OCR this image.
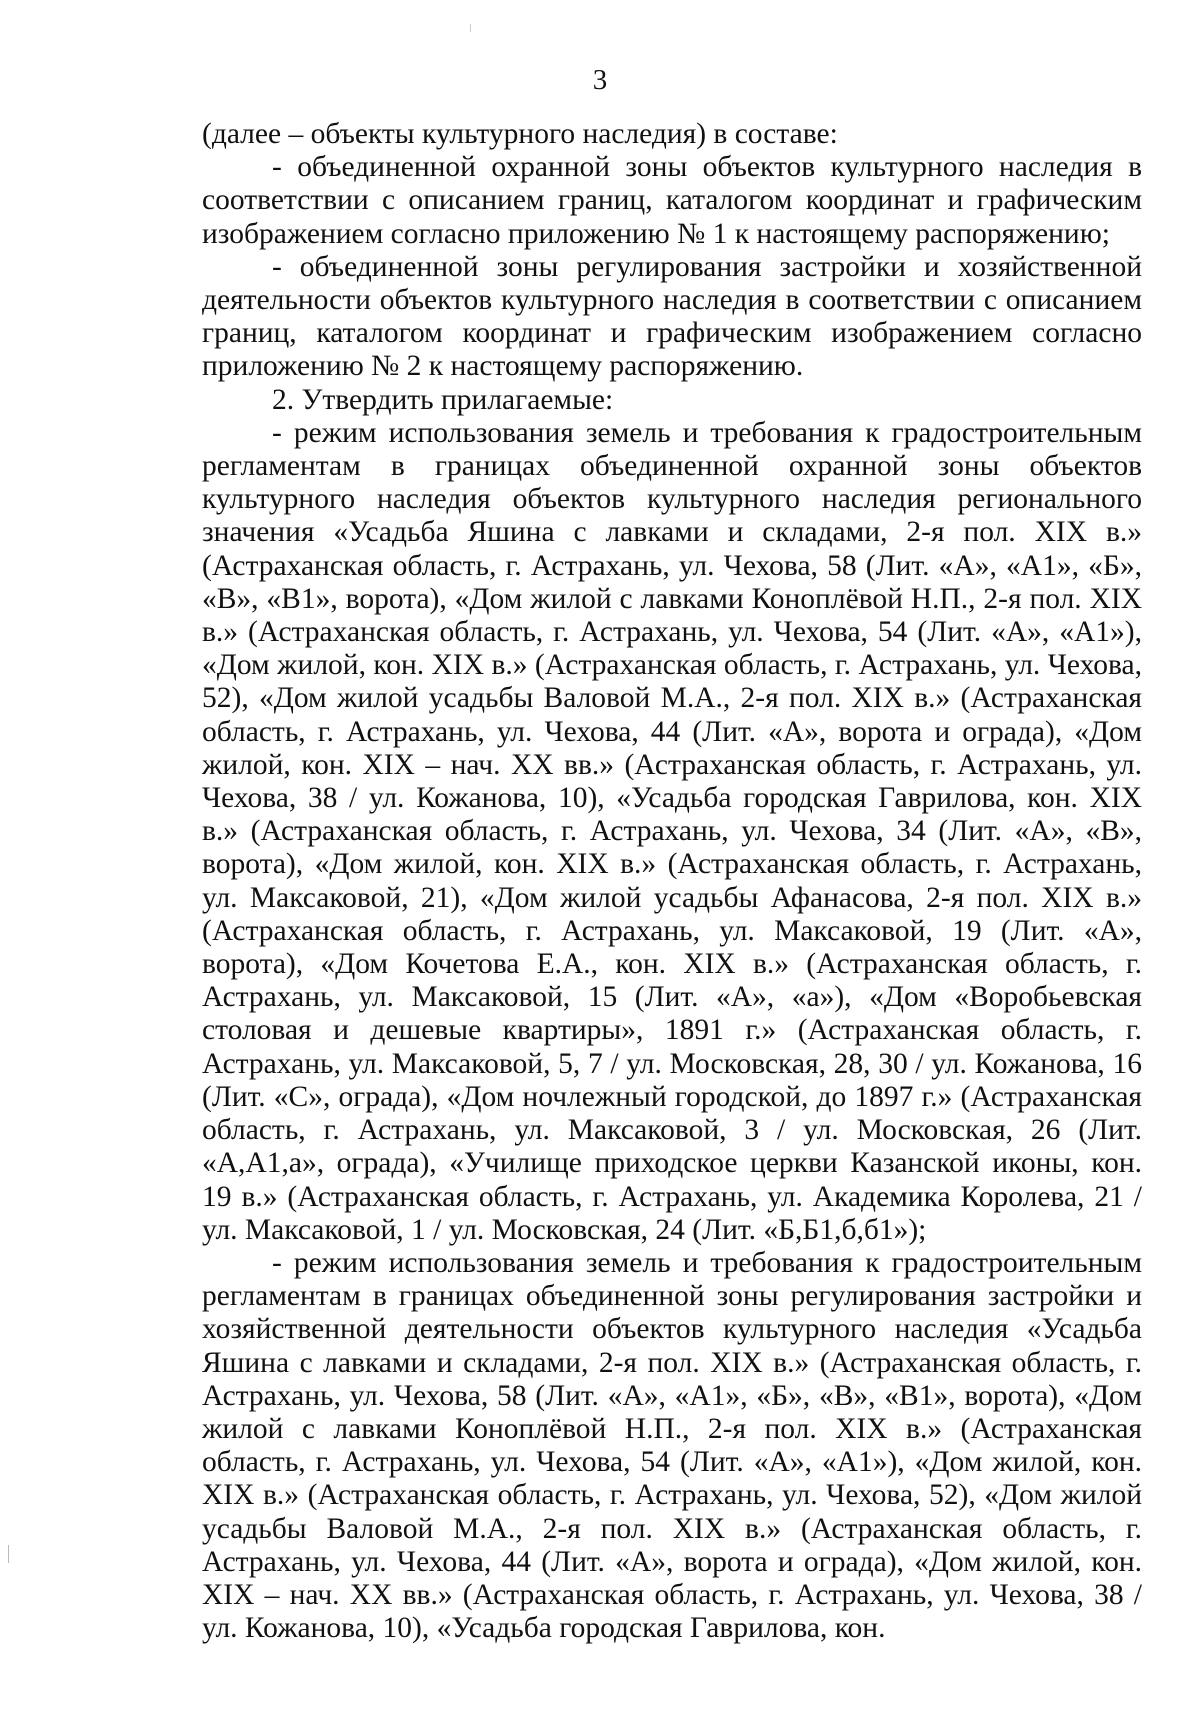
3

(далее – объекты культурного наследия) в составе:

- объединенной охранной зоны объектов культурного наследия в соответствии с описанием границ, каталогом координат и графическим изображением согласно приложению № 1 к настоящему распоряжению;

- объединенной зоны регулирования застройки и хозяйственной деятельности объектов культурного наследия в соответствии с описанием границ, каталогом координат и графическим изображением согласно приложению № 2 к настоящему распоряжению.

2. Утвердить прилагаемые:

- режим использования земель и требования к градостроительным регламентам в границах объединенной охранной зоны объектов культурного наследия объектов культурного наследия регионального значения «Усадьба Яшина с лавками и складами, 2-я пол. XIX в.» (Астраханская область, г. Астрахань, ул. Чехова, 58 (Лит. «А», «А1», «Б», «В», «В1», ворота), «Дом жилой с лавками Коноплёвой Н.П., 2-я пол. XIX в.» (Астраханская область, г. Астрахань, ул. Чехова, 54 (Лит. «А», «А1»), «Дом жилой, кон. XIX в.» (Астраханская область, г. Астрахань, ул. Чехова, 52), «Дом жилой усадьбы Валовой М.А., 2-я пол. XIX в.» (Астраханская область, г. Астрахань, ул. Чехова, 44 (Лит. «А», ворота и ограда), «Дом жилой, кон. XIX – нач. XX вв.» (Астраханская область, г. Астрахань, ул. Чехова, 38 / ул. Кожанова, 10), «Усадьба городская Гаврилова, кон. XIX в.» (Астраханская область, г. Астрахань, ул. Чехова, 34 (Лит. «А», «В», ворота), «Дом жилой, кон. XIX в.» (Астраханская область, г. Астрахань, ул. Максаковой, 21), «Дом жилой усадьбы Афанасова, 2-я пол. XIX в.» (Астраханская область, г. Астрахань, ул. Максаковой, 19 (Лит. «А», ворота), «Дом Кочетова Е.А., кон. XIX в.» (Астраханская область, г. Астрахань, ул. Максаковой, 15 (Лит. «А», «а»), «Дом «Воробьевская столовая и дешевые квартиры», 1891 г.» (Астраханская область, г. Астрахань, ул. Максаковой, 5, 7 / ул. Московская, 28, 30 / ул. Кожанова, 16 (Лит. «С», ограда), «Дом ночлежный городской, до 1897 г.» (Астраханская область, г. Астрахань, ул. Максаковой, 3 / ул. Московская, 26 (Лит. «А,А1,а», ограда), «Училище приходское церкви Казанской иконы, кон. 19 в.» (Астраханская область, г. Астрахань, ул. Академика Королева, 21 / ул. Максаковой, 1 / ул. Московская, 24 (Лит. «Б,Б1,б,б1»);

- режим использования земель и требования к градостроительным регламентам в границах объединенной зоны регулирования застройки и хозяйственной деятельности объектов культурного наследия «Усадьба Яшина с лавками и складами, 2-я пол. XIX в.» (Астраханская область, г. Астрахань, ул. Чехова, 58 (Лит. «А», «А1», «Б», «В», «В1», ворота), «Дом жилой с лавками Коноплёвой Н.П., 2-я пол. XIX в.» (Астраханская область, г. Астрахань, ул. Чехова, 54 (Лит. «А», «А1»), «Дом жилой, кон. XIX в.» (Астраханская область, г. Астрахань, ул. Чехова, 52), «Дом жилой усадьбы Валовой М.А., 2-я пол. XIX в.» (Астраханская область, г. Астрахань, ул. Чехова, 44 (Лит. «А», ворота и ограда), «Дом жилой, кон. XIX – нач. XX вв.» (Астраханская область, г. Астрахань, ул. Чехова, 38 / ул. Кожанова, 10), «Усадьба городская Гаврилова, кон.
